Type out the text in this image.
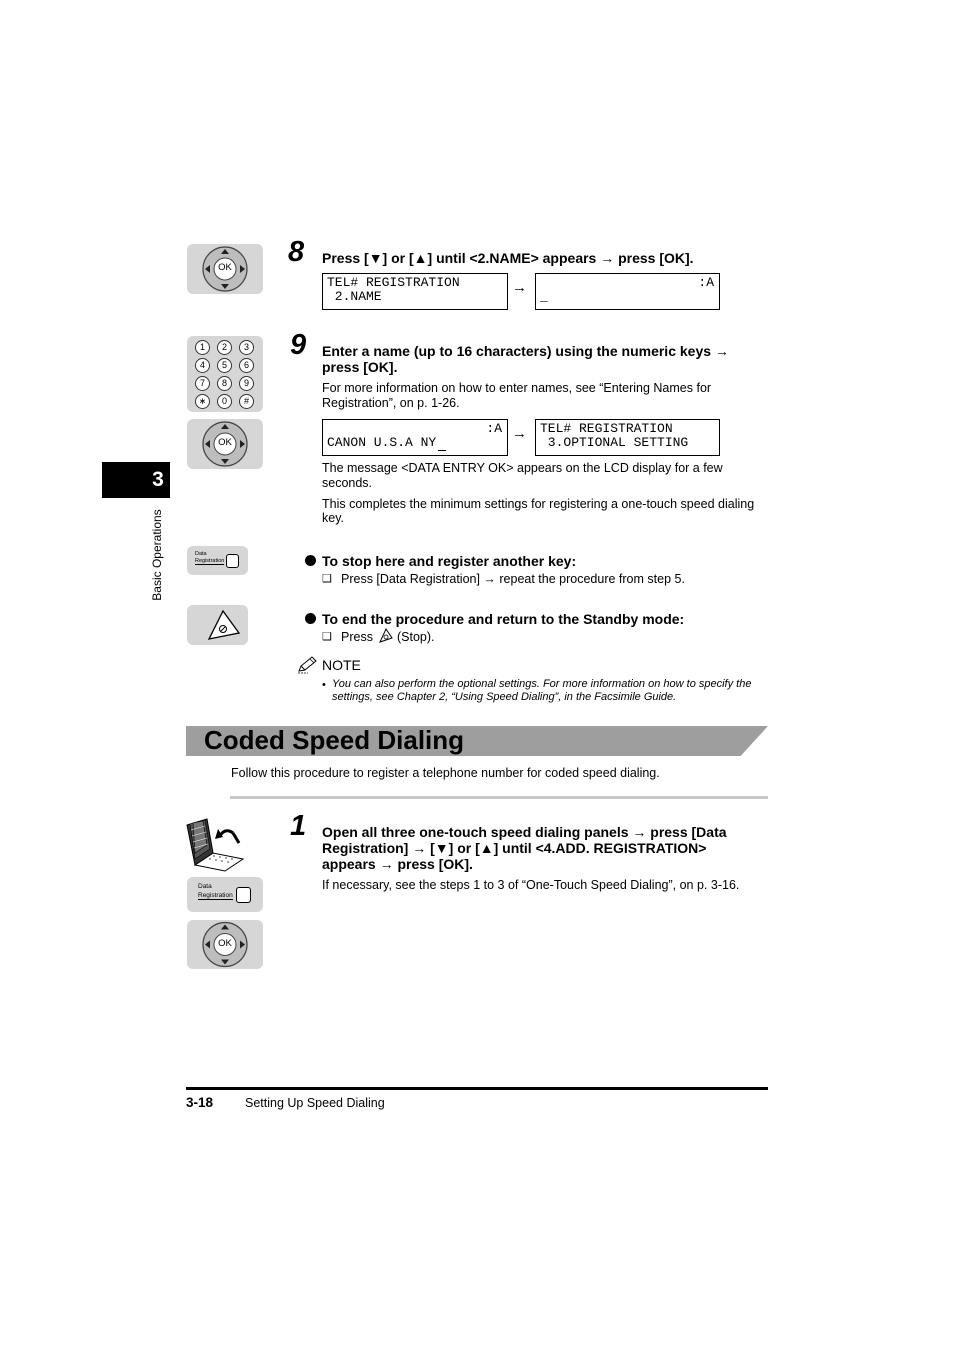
3
Basic Operations
OK 8 Press [▼] or [▲] until <2.NAME> appears → press [OK].

TEL# REGISTRATION

2.NAME

→

	:A

_

1	2	3
4	5	6
7	8	9
∗	0	#
OK
9 Enter a name (up to 16 characters) using the numeric keys →
press [OK].
For more information on how to enter names, see “Entering Names for
Registration”, on p. 1-26.

:A

CANON U.S.A NY

→

TEL# REGISTRATION

3.OPTIONAL SETTING

The message <DATA ENTRY OK> appears on the LCD display for a few
seconds.
This completes the minimum settings for registering a one-touch speed dialing
key.
Data
Registration	To stop here and register another key:
❑ Press [Data Registration] → repeat the procedure from step 5.
To end the procedure and return to the Standby mode:
❑ Press (Stop).
NOTE
• You can also perform the optional settings. For more information on how to specify the
settings, see Chapter 2, “Using Speed Dialing”, in the Facsimile Guide.
Coded Speed Dialing
Follow this procedure to register a telephone number for coded speed dialing.
Data
Registration
OK
1 Open all three one-touch speed dialing panels → press [Data
Registration] → [▼] or [▲] until <4.ADD. REGISTRATION>
appears → press [OK].
If necessary, see the steps 1 to 3 of “One-Touch Speed Dialing”, on p. 3-16.
3-18	Setting Up Speed Dialing
